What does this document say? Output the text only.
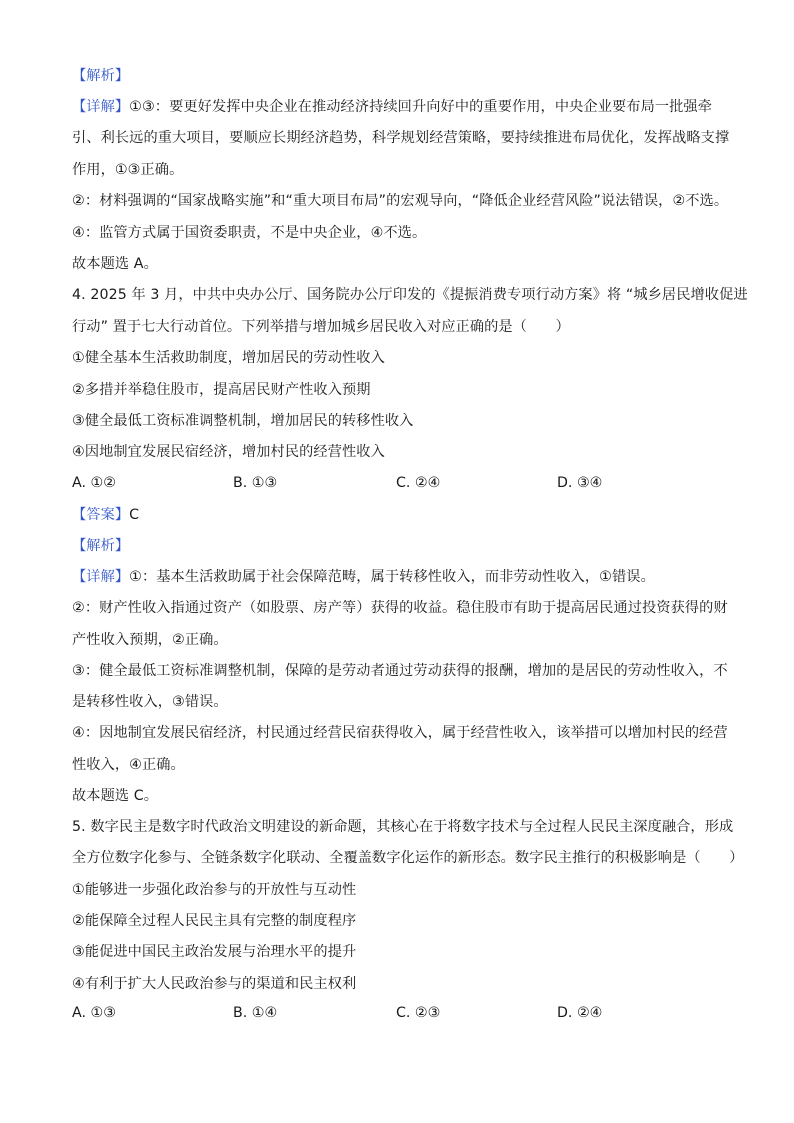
【解析】
【详解】①③：要更好发挥中央企业在推动经济持续回升向好中的重要作用，中央企业要布局一批强牵
引、利长远的重大项目，要顺应长期经济趋势，科学规划经营策略，要持续推进布局优化，发挥战略支撑
作用，①③正确。
②：材料强调的“国家战略实施”和“重大项目布局”的宏观导向，“降低企业经营风险”说法错误，②不选。
④：监管方式属于国资委职责，不是中央企业，④不选。
故本题选 A。
4. 2025 年 3 月，中共中央办公厅、国务院办公厅印发的《提振消费专项行动方案》将 “城乡居民增收促进
行动” 置于七大行动首位。下列举措与增加城乡居民收入对应正确的是（　　）
①健全基本生活救助制度，增加居民的劳动性收入
②多措并举稳住股市，提高居民财产性收入预期
③健全最低工资标准调整机制，增加居民的转移性收入
④因地制宜发展民宿经济，增加村民的经营性收入
A. ①②	B. ①③	C. ②④	D. ③④
【答案】C
【解析】
【详解】①：基本生活救助属于社会保障范畴，属于转移性收入，而非劳动性收入，①错误。
②：财产性收入指通过资产（如股票、房产等）获得的收益。稳住股市有助于提高居民通过投资获得的财
产性收入预期，②正确。
③：健全最低工资标准调整机制，保障的是劳动者通过劳动获得的报酬，增加的是居民的劳动性收入，不
是转移性收入，③错误。
④：因地制宜发展民宿经济，村民通过经营民宿获得收入，属于经营性收入，该举措可以增加村民的经营
性收入，④正确。
故本题选 C。
5. 数字民主是数字时代政治文明建设的新命题，其核心在于将数字技术与全过程人民民主深度融合，形成
全方位数字化参与、全链条数字化联动、全覆盖数字化运作的新形态。数字民主推行的积极影响是（　　）
①能够进一步强化政治参与的开放性与互动性
②能保障全过程人民民主具有完整的制度程序
③能促进中国民主政治发展与治理水平的提升
④有利于扩大人民政治参与的渠道和民主权利
A. ①③	B. ①④	C. ②③	D. ②④
